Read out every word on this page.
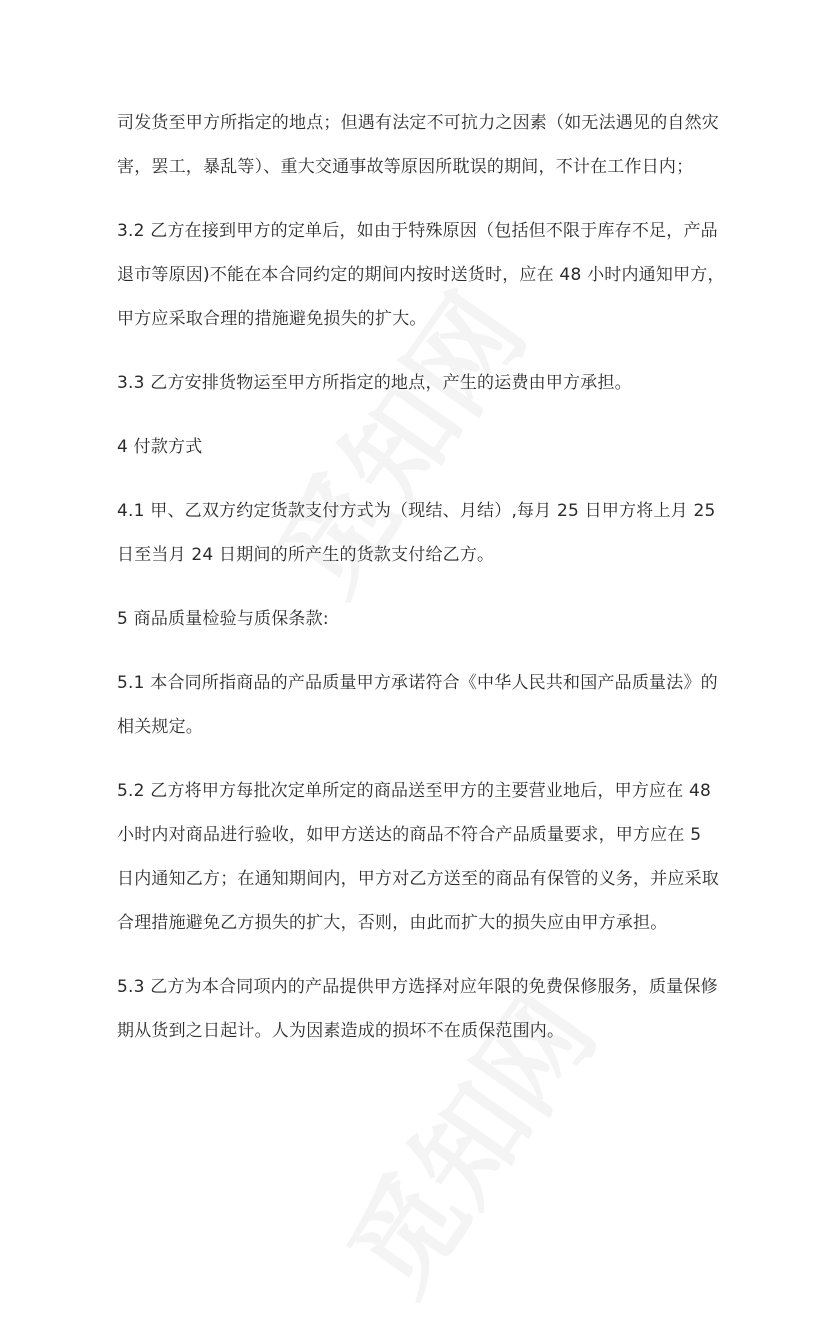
司发货至甲方所指定的地点；但遇有法定不可抗力之因素（如无法遇见的自然灾
害，罢工，暴乱等）、重大交通事故等原因所耽误的期间，不计在工作日内；
3.2 乙方在接到甲方的定单后，如由于特殊原因（包括但不限于库存不足，产品
退市等原因)不能在本合同约定的期间内按时送货时，应在 48 小时内通知甲方，
甲方应采取合理的措施避免损失的扩大。
3.3 乙方安排货物运至甲方所指定的地点，产生的运费由甲方承担。
4 付款方式
4.1 甲、乙双方约定货款支付方式为（现结、月结）,每月 25 日甲方将上月 25
日至当月 24 日期间的所产生的货款支付给乙方。
5 商品质量检验与质保条款:
5.1 本合同所指商品的产品质量甲方承诺符合《中华人民共和国产品质量法》的
相关规定。
5.2 乙方将甲方每批次定单所定的商品送至甲方的主要营业地后，甲方应在 48
小时内对商品进行验收，如甲方送达的商品不符合产品质量要求，甲方应在 5
日内通知乙方；在通知期间内，甲方对乙方送至的商品有保管的义务，并应采取
合理措施避免乙方损失的扩大，否则，由此而扩大的损失应由甲方承担。
5.3 乙方为本合同项内的产品提供甲方选择对应年限的免费保修服务，质量保修
期从货到之日起计。人为因素造成的损坏不在质保范围内。
